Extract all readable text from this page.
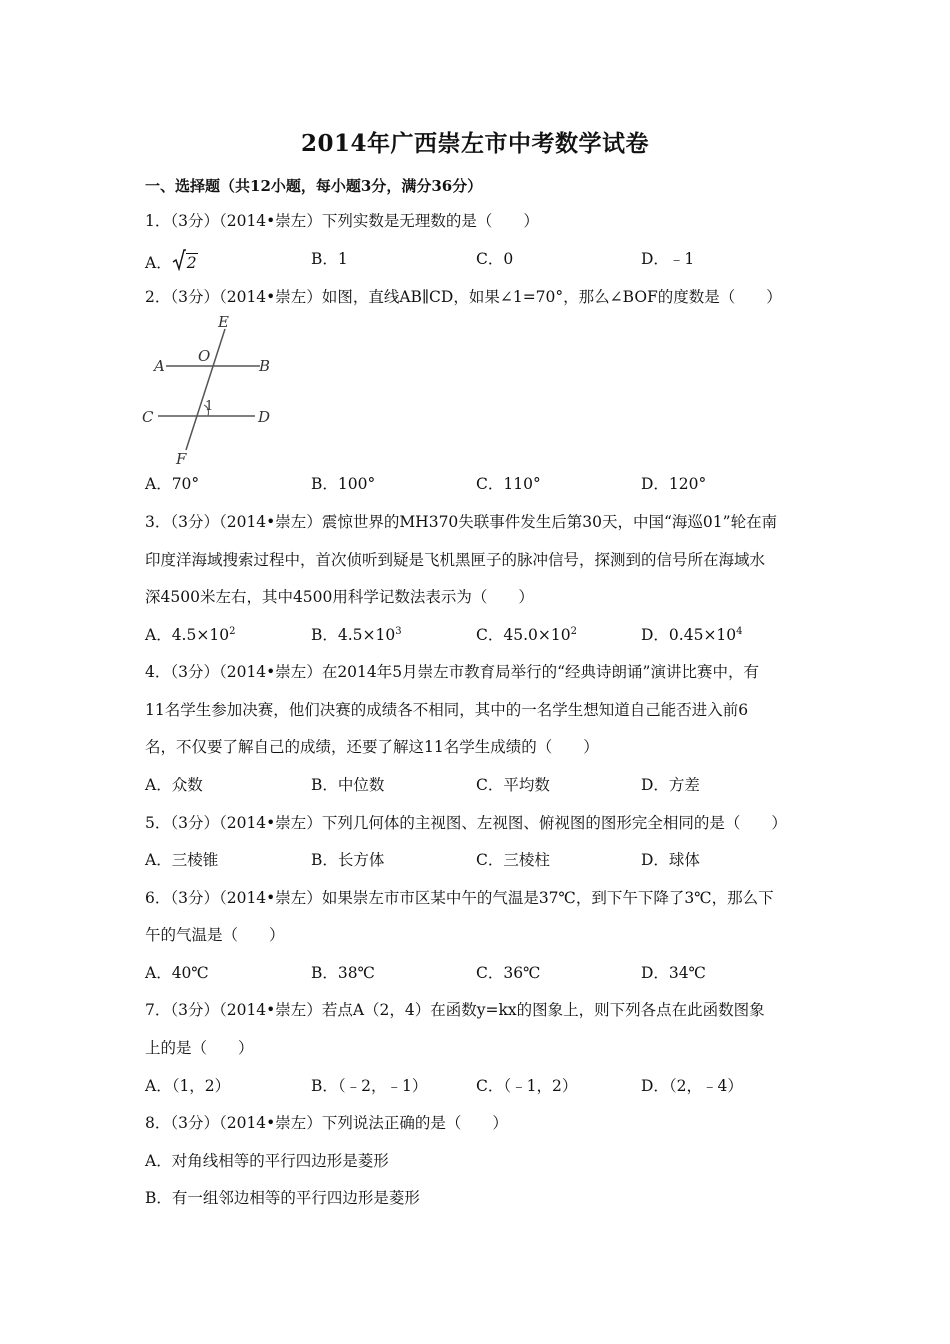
2014年广西崇左市中考数学试卷
一、选择题（共12小题，每小题3分，满分36分）
1．（3分）（2014•崇左）下列实数是无理数的是（　　）
A． 2	B．1	C．0	D．﹣1
2．（3分）（2014•崇左）如图，直线AB∥CD，如果∠1=70°，那么∠BOF的度数是（　　）
E
O
A	B
C	D
1
F
A．70°	B．100°	C．110°	D．120°
3．（3分）（2014•崇左）震惊世界的MH370失联事件发生后第30天，中国“海巡01”轮在南
印度洋海域搜索过程中，首次侦听到疑是飞机黑匣子的脉冲信号，探测到的信号所在海域水
深4500米左右，其中4500用科学记数法表示为（　　）
A．$4.5\times 10^2$	B．$4.5\times 10^3$	C．$45.0\times 10^2$	D．$0.45\times 10^4$
4．（3分）（2014•崇左）在2014年5月崇左市教育局举行的“经典诗朗诵”演讲比赛中，有
11名学生参加决赛，他们决赛的成绩各不相同，其中的一名学生想知道自己能否进入前6
名，不仅要了解自己的成绩，还要了解这11名学生成绩的（　　）
A．众数	B．中位数	C．平均数	D．方差
5．（3分）（2014•崇左）下列几何体的主视图、左视图、俯视图的图形完全相同的是（　　）
A．三棱锥	B．长方体	C．三棱柱	D．球体
6．（3分）（2014•崇左）如果崇左市市区某中午的气温是37℃，到下午下降了3℃，那么下
午的气温是（　　）
A．40℃	B．38℃	C．36℃	D．34℃
7．（3分）（2014•崇左）若点A（2，4）在函数y=kx的图象上，则下列各点在此函数图象
上的是（　　）
A．（1，2）	B．（﹣2，﹣1）	C．（﹣1，2）	D．（2，﹣4）
8．（3分）（2014•崇左）下列说法正确的是（　　）
A．对角线相等的平行四边形是菱形
B．有一组邻边相等的平行四边形是菱形
